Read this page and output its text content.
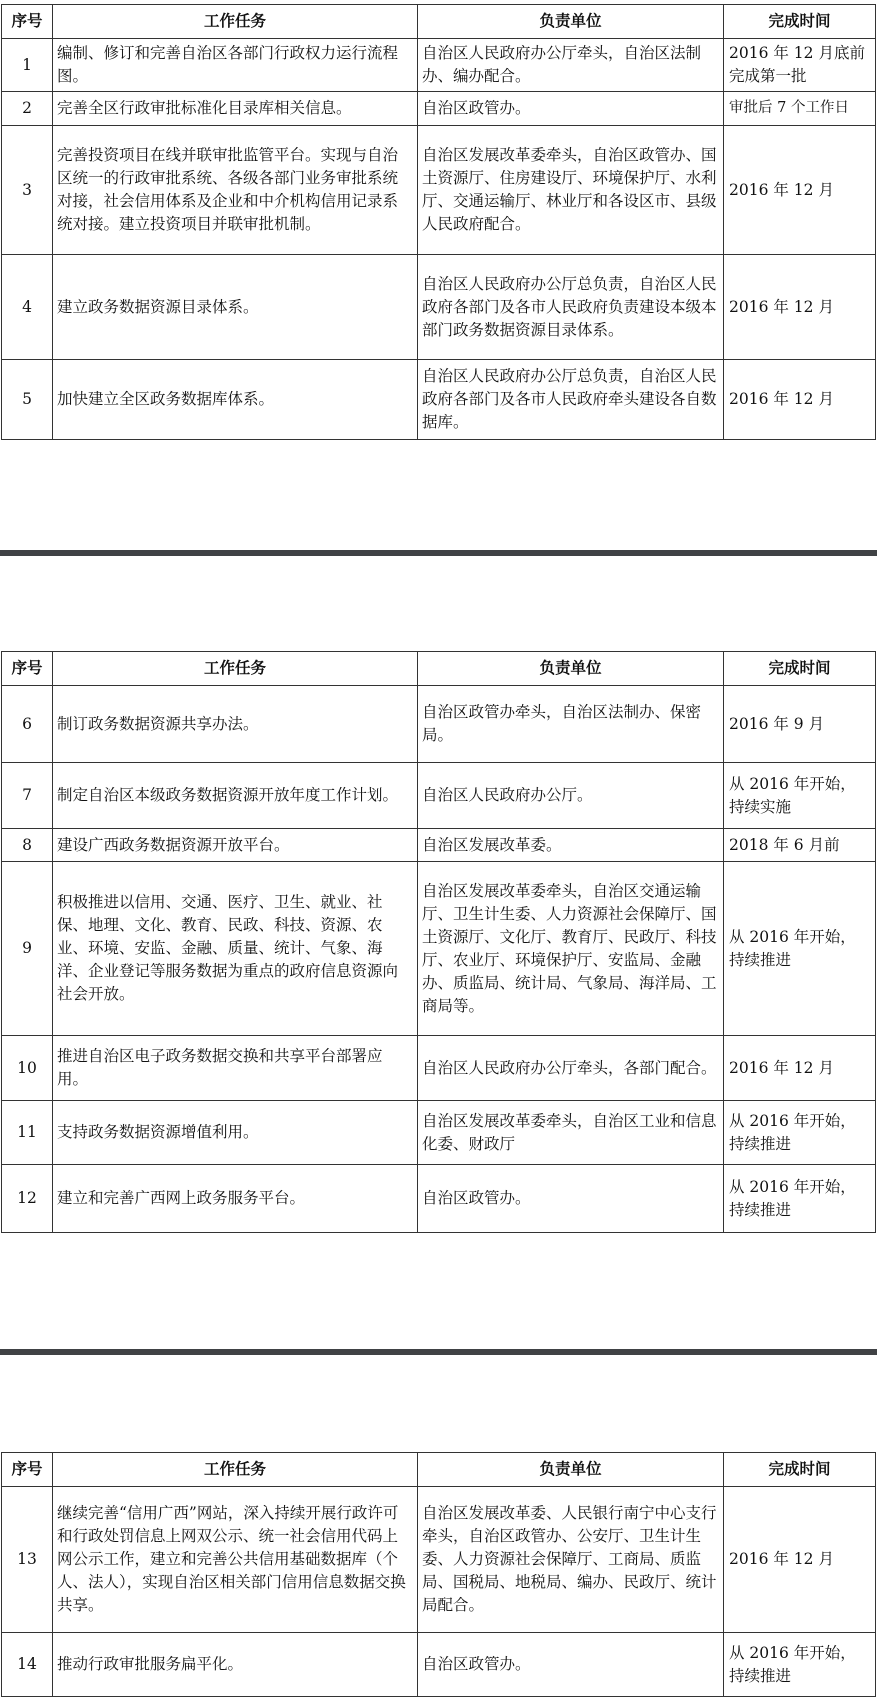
序号	工作任务	负责单位	完成时间
1	编制、修订和完善自治区各部门行政权力运行流程图。	自治区人民政府办公厅牵头，自治区法制办、编办配合。	2016 年 12 月底前完成第一批
2	完善全区行政审批标准化目录库相关信息。	自治区政管办。	审批后 7 个工作日
3	完善投资项目在线并联审批监管平台。实现与自治区统一的行政审批系统、各级各部门业务审批系统对接，社会信用体系及企业和中介机构信用记录系统对接。建立投资项目并联审批机制。	自治区发展改革委牵头，自治区政管办、国土资源厅、住房建设厅、环境保护厅、水利厅、交通运输厅、林业厅和各设区市、县级人民政府配合。	2016 年 12 月
4	建立政务数据资源目录体系。	自治区人民政府办公厅总负责，自治区人民政府各部门及各市人民政府负责建设本级本部门政务数据资源目录体系。	2016 年 12 月
5	加快建立全区政务数据库体系。	自治区人民政府办公厅总负责，自治区人民政府各部门及各市人民政府牵头建设各自数据库。	2016 年 12 月
序号	工作任务	负责单位	完成时间
6	制订政务数据资源共享办法。	自治区政管办牵头，自治区法制办、保密局。	2016 年 9 月
7	制定自治区本级政务数据资源开放年度工作计划。	自治区人民政府办公厅。	从 2016 年开始，持续实施
8	建设广西政务数据资源开放平台。	自治区发展改革委。	2018 年 6 月前
9	积极推进以信用、交通、医疗、卫生、就业、社保、地理、文化、教育、民政、科技、资源、农业、环境、安监、金融、质量、统计、气象、海洋、企业登记等服务数据为重点的政府信息资源向社会开放。	自治区发展改革委牵头，自治区交通运输厅、卫生计生委、人力资源社会保障厅、国土资源厅、文化厅、教育厅、民政厅、科技厅、农业厅、环境保护厅、安监局、金融办、质监局、统计局、气象局、海洋局、工商局等。	从 2016 年开始，持续推进
10	推进自治区电子政务数据交换和共享平台部署应用。	自治区人民政府办公厅牵头，各部门配合。	2016 年 12 月
11	支持政务数据资源增值利用。	自治区发展改革委牵头，自治区工业和信息化委、财政厅	从 2016 年开始，持续推进
12	建立和完善广西网上政务服务平台。	自治区政管办。	从 2016 年开始，持续推进
序号	工作任务	负责单位	完成时间
13	继续完善“信用广西”网站，深入持续开展行政许可和行政处罚信息上网双公示、统一社会信用代码上网公示工作，建立和完善公共信用基础数据库（个人、法人），实现自治区相关部门信用信息数据交换共享。	自治区发展改革委、人民银行南宁中心支行牵头，自治区政管办、公安厅、卫生计生委、人力资源社会保障厅、工商局、质监局、国税局、地税局、编办、民政厅、统计局配合。	2016 年 12 月
14	推动行政审批服务扁平化。	自治区政管办。	从 2016 年开始，持续推进
